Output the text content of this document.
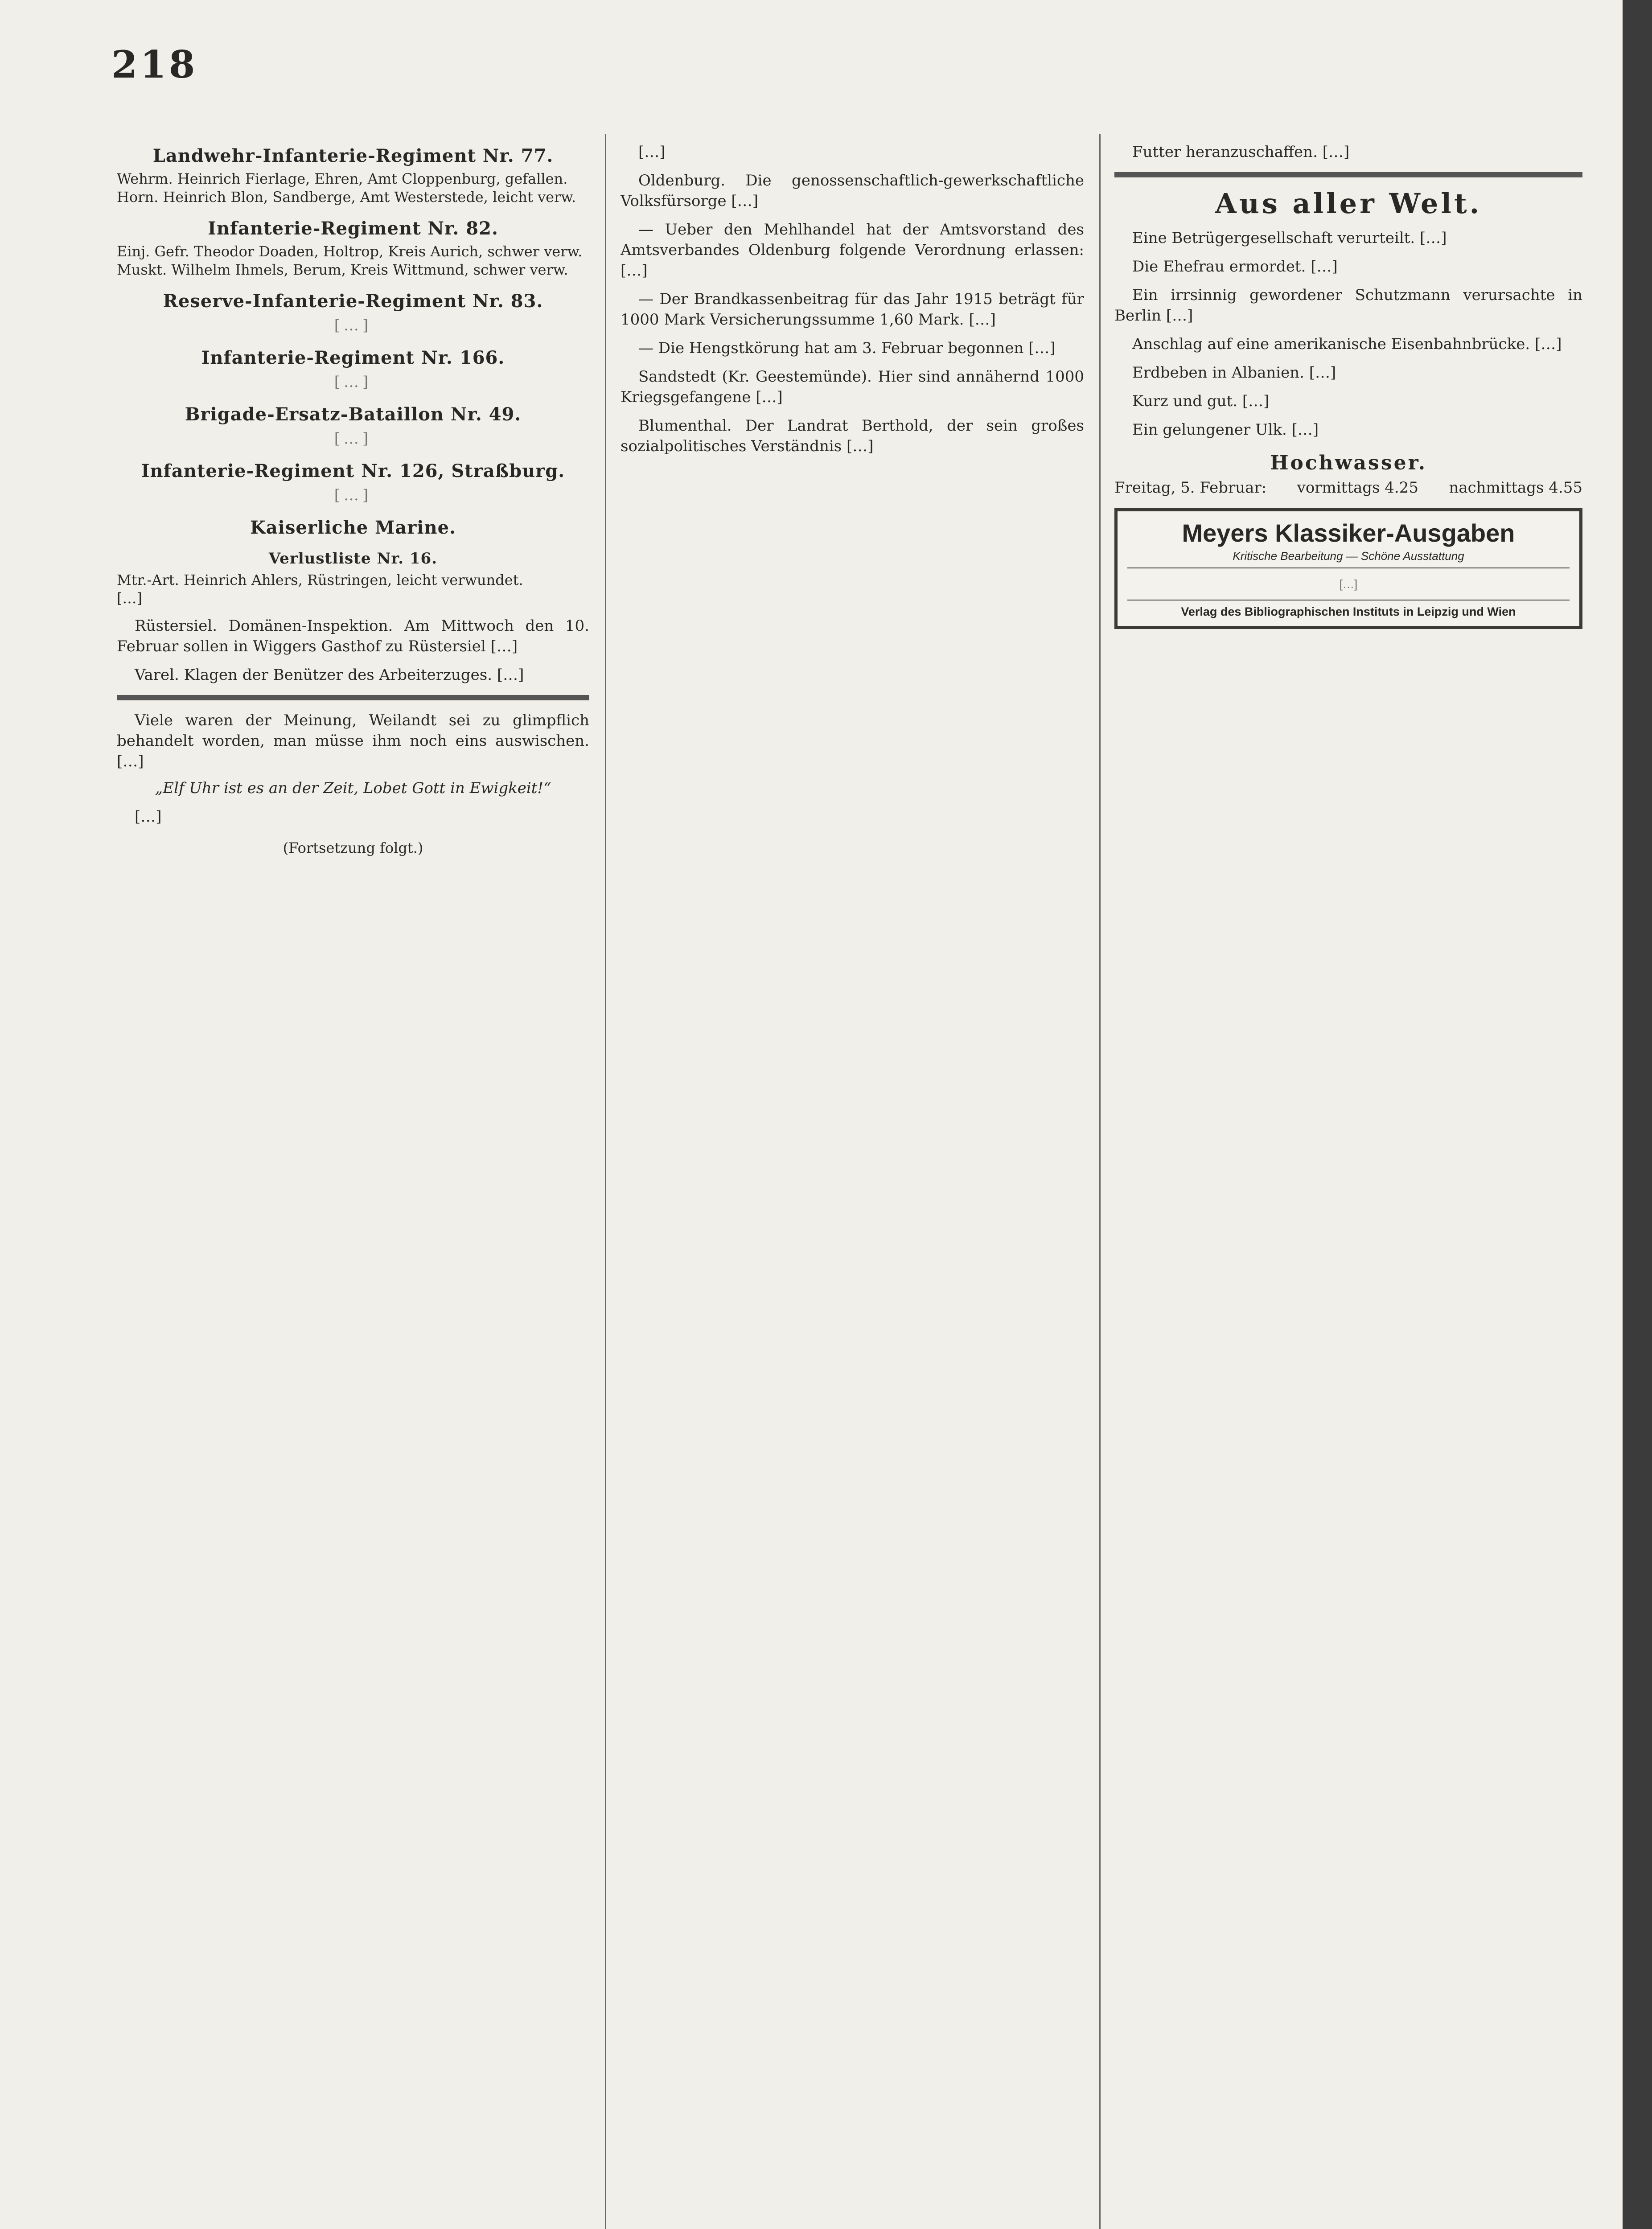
218
Landwehr-Infanterie-Regiment Nr. 77.

Wehrm. Heinrich Fierlage, Ehren, Amt Cloppenburg, gefallen.

Horn. Heinrich Blon, Sandberge, Amt Westerstede, leicht verw.

Infanterie-Regiment Nr. 82.

Einj. Gefr. Theodor Doaden, Holtrop, Kreis Aurich, schwer verw.

Muskt. Wilhelm Ihmels, Berum, Kreis Wittmund, schwer verw.

Reserve-Infanterie-Regiment Nr. 83.
[…]
Infanterie-Regiment Nr. 166.
[…]
Brigade-Ersatz-Bataillon Nr. 49.
[…]
Infanterie-Regiment Nr. 126, Straßburg.
[…]
Kaiserliche Marine.
Verlustliste Nr. 16.

Mtr.-Art. Heinrich Ahlers, Rüstringen, leicht verwundet.

[…]

Rüstersiel. Domänen-Inspektion. Am Mittwoch den 10. Februar sollen in Wiggers Gasthof zu Rüstersiel […]

Varel. Klagen der Benützer des Arbeiterzuges. […]

Viele waren der Meinung, Weilandt sei zu glimpflich behandelt worden, man müsse ihm noch eins auswischen. […]

„Elf Uhr ist es an der Zeit, Lobet Gott in Ewigkeit!“

[…]

(Fortsetzung folgt.)

[…]

Oldenburg. Die genossenschaftlich-gewerkschaftliche Volksfürsorge […]

— Ueber den Mehlhandel hat der Amtsvorstand des Amtsverbandes Oldenburg folgende Verordnung erlassen: […]

— Der Brandkassenbeitrag für das Jahr 1915 beträgt für 1000 Mark Versicherungssumme 1,60 Mark. […]

— Die Hengstkörung hat am 3. Februar begonnen […]

Sandstedt (Kr. Geestemünde). Hier sind annähernd 1000 Kriegsgefangene […]

Blumenthal. Der Landrat Berthold, der sein großes sozialpolitisches Verständnis […]

Futter heranzuschaffen. […]

Aus aller Welt.

Eine Betrügergesellschaft verurteilt. […]

Die Ehefrau ermordet. […]

Ein irrsinnig gewordener Schutzmann verursachte in Berlin […]

Anschlag auf eine amerikanische Eisenbahnbrücke. […]

Erdbeben in Albanien. […]

Kurz und gut. […]

Ein gelungener Ulk. […]

Hochwasser.
Freitag, 5. Februar: vormittags 4.25 nachmittags 4.55
Meyers Klassiker-Ausgaben
Kritische Bearbeitung — Schöne Ausstattung
[…]
Verlag des Bibliographischen Instituts in Leipzig und Wien
